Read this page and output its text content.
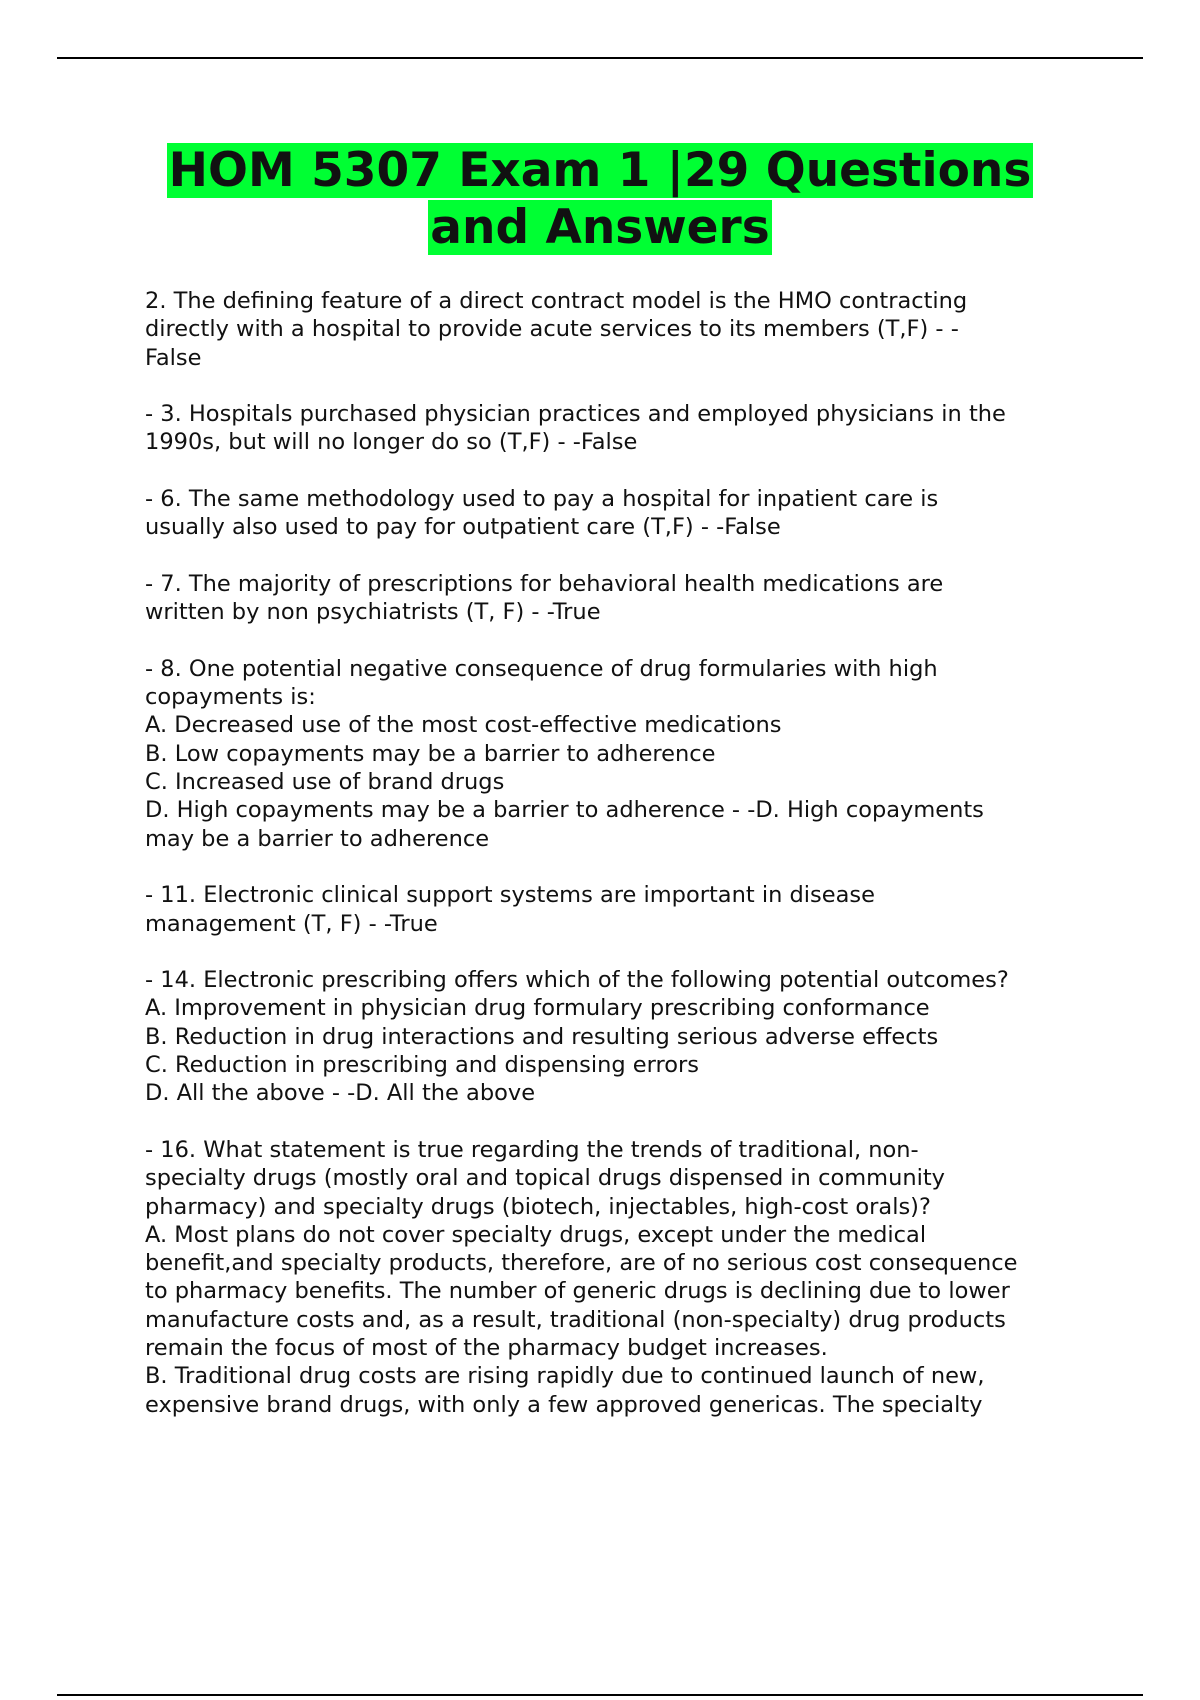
HOM 5307 Exam 1 |29 Questions
and Answers
2. The defining feature of a direct contract model is the HMO contracting
directly with a hospital to provide acute services to its members (T,F) - -
False
- 3. Hospitals purchased physician practices and employed physicians in the
1990s, but will no longer do so (T,F) - -False
- 6. The same methodology used to pay a hospital for inpatient care is
usually also used to pay for outpatient care (T,F) - -False
- 7. The majority of prescriptions for behavioral health medications are
written by non psychiatrists (T, F) - -True
- 8. One potential negative consequence of drug formularies with high
copayments is:
A. Decreased use of the most cost-effective medications
B. Low copayments may be a barrier to adherence
C. Increased use of brand drugs
D. High copayments may be a barrier to adherence - -D. High copayments
may be a barrier to adherence
- 11. Electronic clinical support systems are important in disease
management (T, F) - -True
- 14. Electronic prescribing offers which of the following potential outcomes?
A. Improvement in physician drug formulary prescribing conformance
B. Reduction in drug interactions and resulting serious adverse effects
C. Reduction in prescribing and dispensing errors
D. All the above - -D. All the above
- 16. What statement is true regarding the trends of traditional, non-
specialty drugs (mostly oral and topical drugs dispensed in community
pharmacy) and specialty drugs (biotech, injectables, high-cost orals)?
A. Most plans do not cover specialty drugs, except under the medical
benefit,and specialty products, therefore, are of no serious cost consequence
to pharmacy benefits. The number of generic drugs is declining due to lower
manufacture costs and, as a result, traditional (non-specialty) drug products
remain the focus of most of the pharmacy budget increases.
B. Traditional drug costs are rising rapidly due to continued launch of new,
expensive brand drugs, with only a few approved genericas. The specialty
